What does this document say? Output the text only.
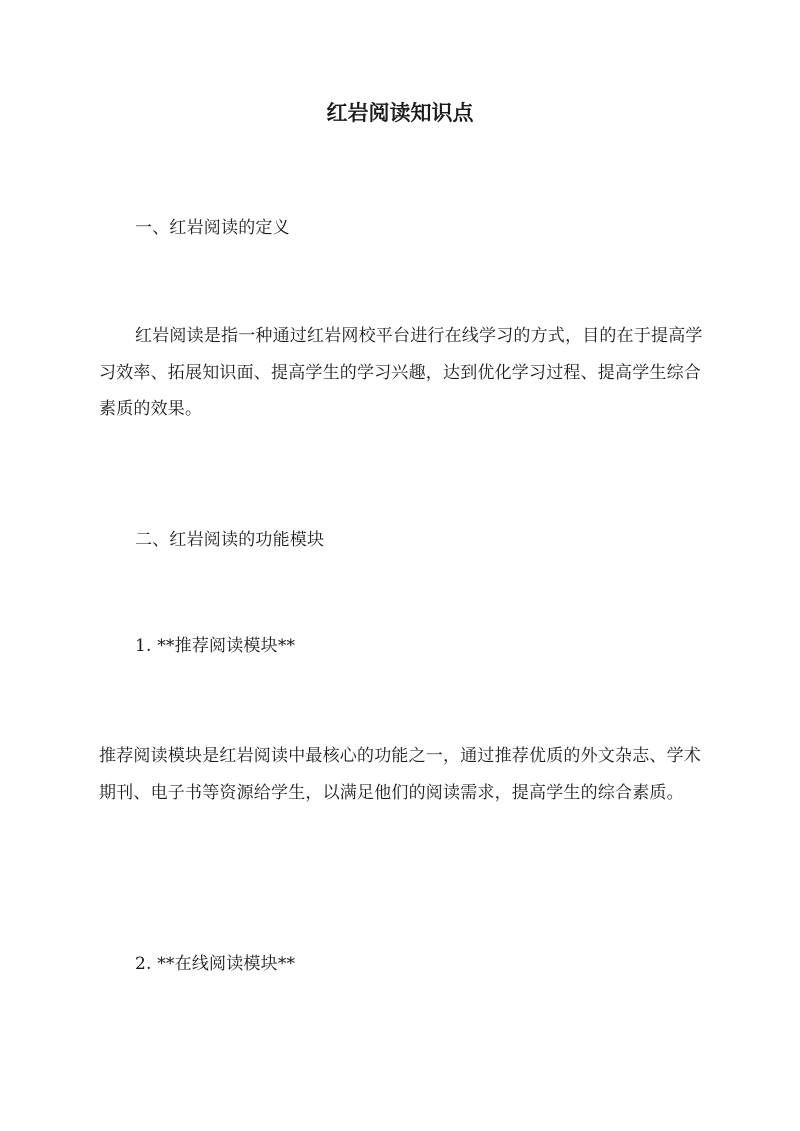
红岩阅读知识点

一、红岩阅读的定义

红岩阅读是指一种通过红岩网校平台进行在线学习的方式，目的在于提高学习效率、拓展知识面、提高学生的学习兴趣，达到优化学习过程、提高学生综合素质的效果。

二、红岩阅读的功能模块

1. **推荐阅读模块**

推荐阅读模块是红岩阅读中最核心的功能之一，通过推荐优质的外文杂志、学术期刊、电子书等资源给学生，以满足他们的阅读需求，提高学生的综合素质。

2. **在线阅读模块**
